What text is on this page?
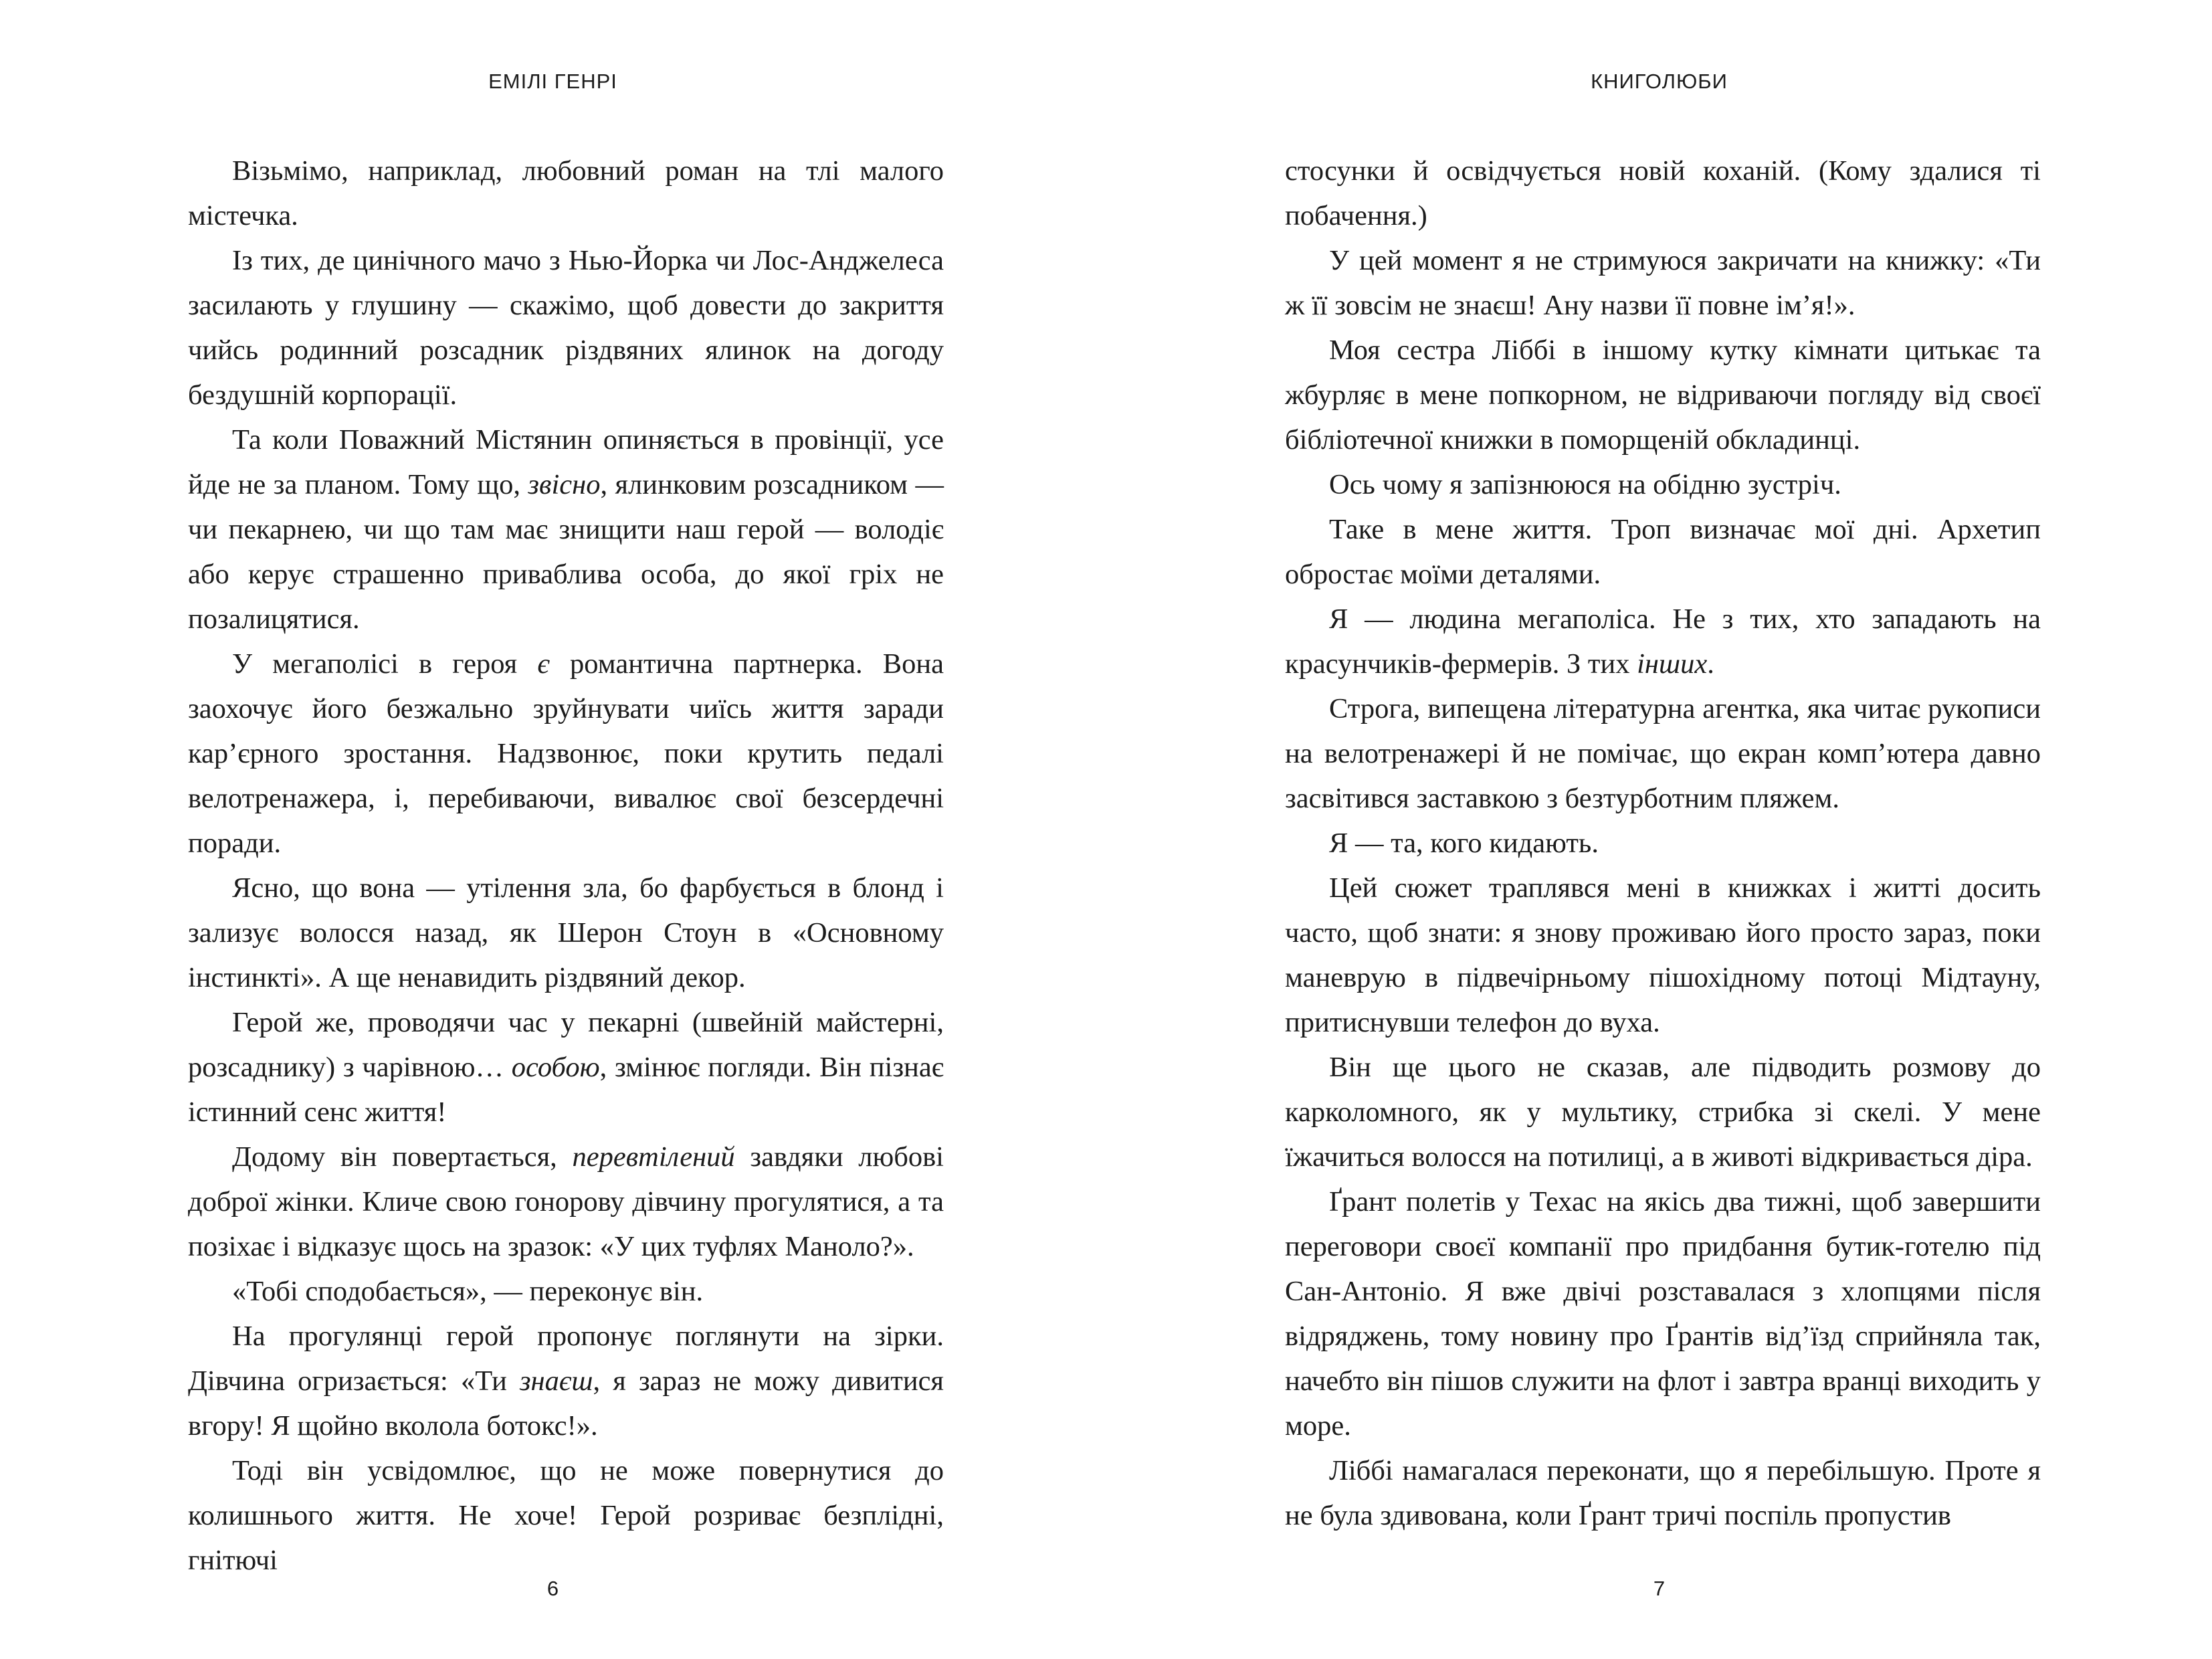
ЕМІЛІ ГЕНРІ

Візьмімо, наприклад, любовний роман на тлі малого містечка.

Із тих, де цинічного мачо з Нью-Йорка чи Лос-Анджелеса засилають у глушину — скажімо, щоб довести до закриття чийсь родинний розсадник різдвяних ялинок на догоду бездушній корпорації.

Та коли Поважний Містянин опиняється в провінції, усе йде не за планом. Тому що, звісно, ялинковим розсадником — чи пекарнею, чи що там має знищити наш герой — володіє або керує страшенно приваблива особа, до якої гріх не позалицятися.

У мегаполісі в героя є романтична партнерка. Вона заохочує його безжально зруйнувати чиїсь життя заради кар’єрного зростання. Надзвонює, поки крутить педалі велотренажера, і, перебиваючи, вивалює свої безсердечні поради.

Ясно, що вона — утілення зла, бо фарбується в блонд і зализує волосся назад, як Шерон Стоун в «Основному інстинкті». А ще ненавидить різдвяний декор.

Герой же, проводячи час у пекарні (швейній майстерні, розсаднику) з чарівною… особою, змінює погляди. Він пізнає істинний сенс життя!

Додому він повертається, перевтілений завдяки любові доброї жінки. Кличе свою гонорову дівчину прогулятися, а та позіхає і відказує щось на зразок: «У цих туфлях Маноло?».

«Тобі сподобається», — переконує він.

На прогулянці герой пропонує поглянути на зірки. Дівчина огризається: «Ти знаєш, я зараз не можу дивитися вгору! Я щойно вколола ботокс!».

Тоді він усвідомлює, що не може повернутися до колишнього життя. Не хоче! Герой розриває безплідні, гнітючі

6
КНИГОЛЮБИ

стосунки й освідчується новій коханій. (Кому здалися ті побачення.)

У цей момент я не стримуюся закричати на книжку: «Ти ж її зовсім не знаєш! Ану назви її повне ім’я!».

Моя сестра Ліббі в іншому кутку кімнати цитькає та жбурляє в мене попкорном, не відриваючи погляду від своєї бібліотечної книжки в поморщеній обкладинці.

Ось чому я запізнююся на обідню зустріч.

Таке в мене життя. Троп визначає мої дні. Архетип обростає моїми деталями.

Я — людина мегаполіса. Не з тих, хто западають на красунчиків-фермерів. З тих інших.

Строга, випещена літературна агентка, яка читає рукописи на велотренажері й не помічає, що екран комп’ютера давно засвітився заставкою з безтурботним пляжем.

Я — та, кого кидають.

Цей сюжет траплявся мені в книжках і житті досить часто, щоб знати: я знову проживаю його просто зараз, поки маневрую в підвечірньому пішохідному потоці Мідтауну, притиснувши телефон до вуха.

Він ще цього не сказав, але підводить розмову до карколомного, як у мультику, стрибка зі скелі. У мене їжачиться волосся на потилиці, а в животі відкривається діра.

Ґрант полетів у Техас на якісь два тижні, щоб завершити переговори своєї компанії про придбання бутик-готелю під Сан-Антоніо. Я вже двічі розставалася з хлопцями після відряджень, тому новину про Ґрантів від’їзд сприйняла так, начебто він пішов служити на флот і завтра вранці виходить у море.

Ліббі намагалася переконати, що я перебільшую. Проте я не була здивована, коли Ґрант тричі поспіль пропустив

7
